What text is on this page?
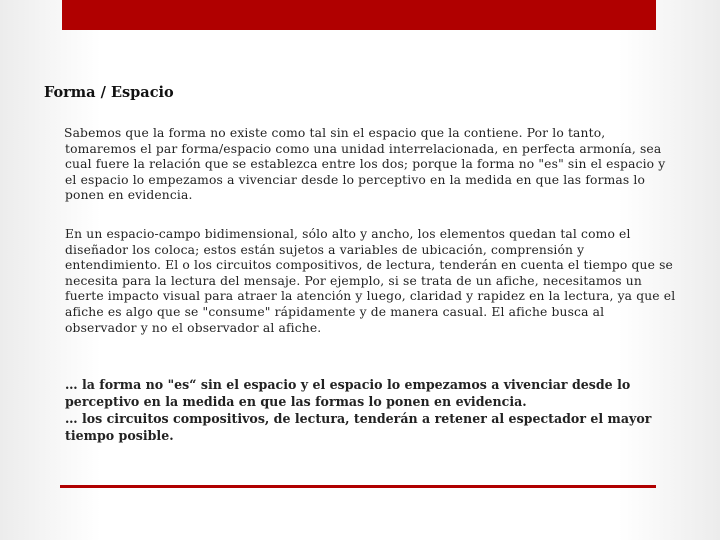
Forma / Espacio

Sabemos que la forma no existe como tal sin el espacio que la contiene. Por lo tanto, tomaremos el par forma/espacio como una unidad interrelacionada, en perfecta armonía, sea cual fuere la relación que se establezca entre los dos; porque la forma no "es" sin el espacio y el espacio lo empezamos a vivenciar desde lo perceptivo en la medida en que las formas lo ponen en evidencia.

En un espacio-campo bidimensional, sólo alto y ancho, los elementos quedan tal como el diseñador los coloca; estos están sujetos a variables de ubicación, comprensión y entendimiento. El o los circuitos compositivos, de lectura, tenderán en cuenta el tiempo que se necesita para la lectura del mensaje. Por ejemplo, si se trata de un afiche, necesitamos un fuerte impacto visual para atraer la atención y luego, claridad y rapidez en la lectura, ya que el afiche es algo que se "consume" rápidamente y de manera casual. El afiche busca al observador y no el observador al afiche.

… la forma no "es“ sin el espacio y el espacio lo empezamos a vivenciar desde lo perceptivo en la medida en que las formas lo ponen en evidencia.

… los circuitos compositivos, de lectura, tenderán a retener al espectador el mayor tiempo posible.
